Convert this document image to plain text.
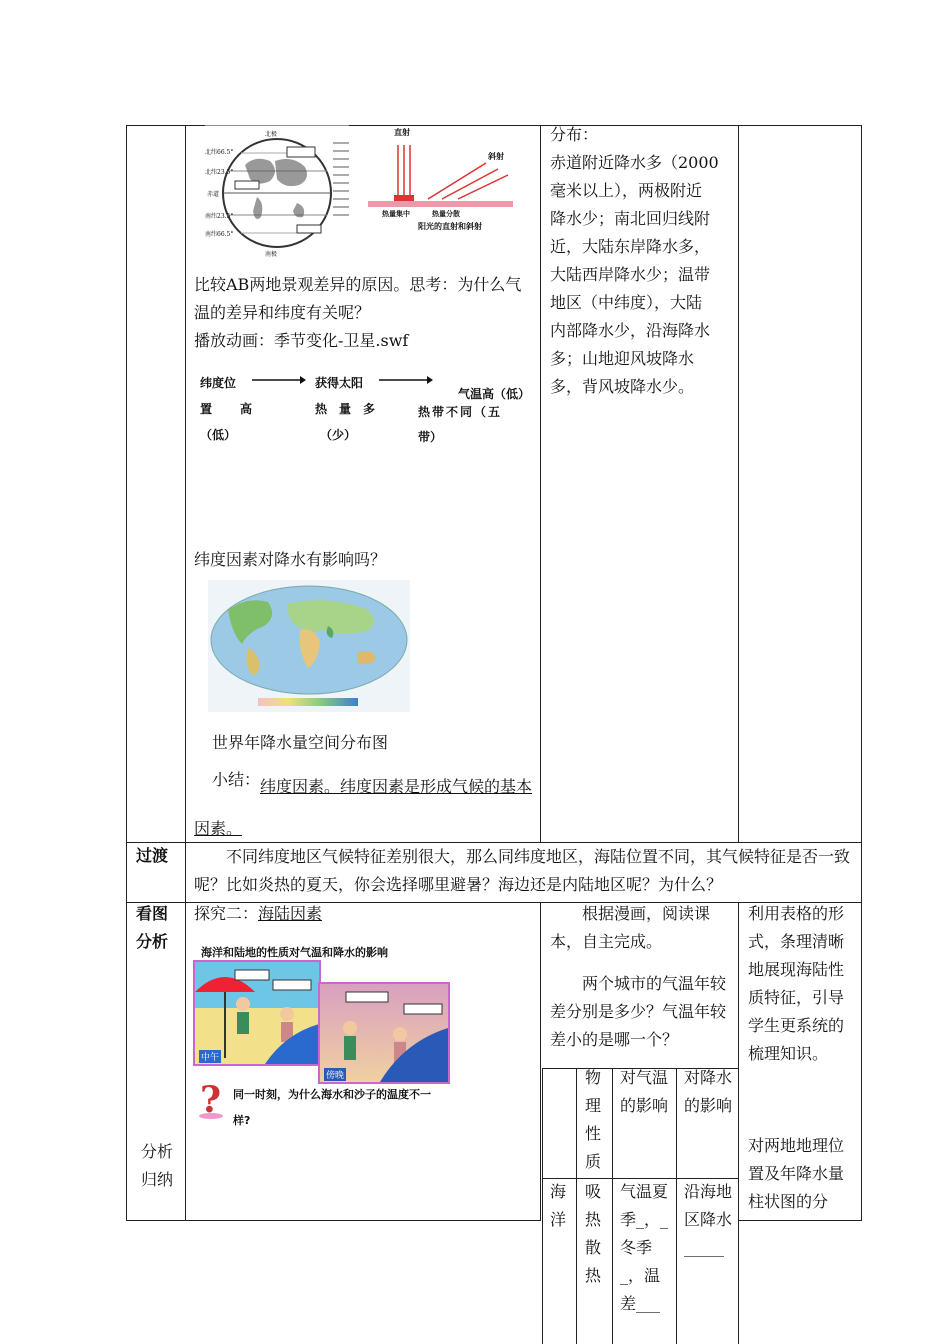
北极
北纬66.5°
北纬23.5°
赤道
南纬23.5°
南纬66.5°
南极
直射
斜射
热量集中	热量分散
阳光的直射和斜射
比较AB两地景观差异的原因。思考：为什么气温的差异和纬度有关呢？
播放动画：季节变化-卫星.swf
纬度位
置　高
（低）
获得太阳
热　量　多
（少）
气温高（低）
热带不同（五
带）
纬度因素对降水有影响吗？
世界年降水量空间分布图
小结： 纬度因素。纬度因素是形成气候的基本因素。
分布：
赤道附近降水多（2000
毫米以上），两极附近
降水少；南北回归线附
近，大陆东岸降水多，
大陆西岸降水少；温带
地区（中纬度），大陆
内部降水少，沿海降水
多；山地迎风坡降水
多，背风坡降水少。
过渡 　　不同纬度地区气候特征差别很大，那么同纬度地区，海陆位置不同，其气候特征是否一致呢？比如炎热的夏天，你会选择哪里避暑？海边还是内陆地区呢？为什么？
看图
分析
分析
归纳
探究二：海陆因素
海洋和陆地的性质对气温和降水的影响
中午
傍晚
? 同一时刻，为什么海水和沙子的温度不一样?
　　根据漫画，阅读课本，自主完成。
　　两个城市的气温年较差分别是多少？气温年较差小的是哪一个？
利用表格的形式，条理清晰地展现海陆性质特征，引导学生更系统的梳理知识。
对两地地理位置及年降水量柱状图的分
物理性质
对气温的影响
对降水的影响
海洋
吸热散热
气温夏季_，_冬季_，温差___
沿海地区降水_____
